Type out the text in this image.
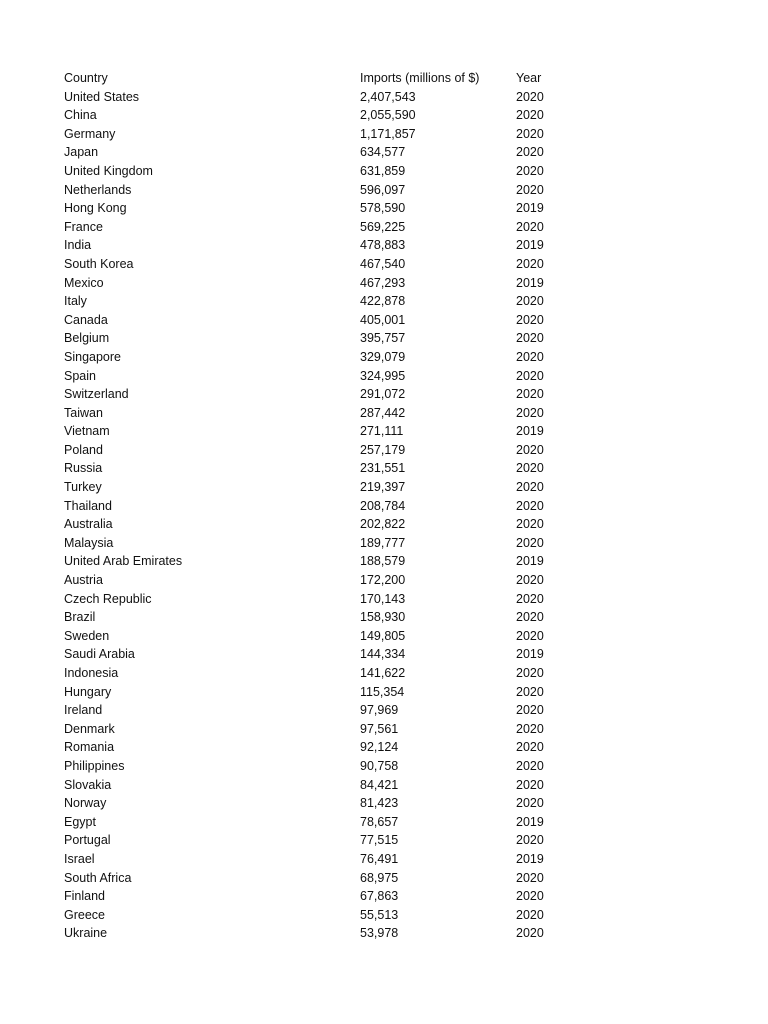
Country	Imports (millions of $)	Year
United States	2,407,543	2020
China	2,055,590	2020
Germany	1,171,857	2020
Japan	634,577	2020
United Kingdom	631,859	2020
Netherlands	596,097	2020
Hong Kong	578,590	2019
France	569,225	2020
India	478,883	2019
South Korea	467,540	2020
Mexico	467,293	2019
Italy	422,878	2020
Canada	405,001	2020
Belgium	395,757	2020
Singapore	329,079	2020
Spain	324,995	2020
Switzerland	291,072	2020
Taiwan	287,442	2020
Vietnam	271,111	2019
Poland	257,179	2020
Russia	231,551	2020
Turkey	219,397	2020
Thailand	208,784	2020
Australia	202,822	2020
Malaysia	189,777	2020
United Arab Emirates	188,579	2019
Austria	172,200	2020
Czech Republic	170,143	2020
Brazil	158,930	2020
Sweden	149,805	2020
Saudi Arabia	144,334	2019
Indonesia	141,622	2020
Hungary	115,354	2020
Ireland	97,969	2020
Denmark	97,561	2020
Romania	92,124	2020
Philippines	90,758	2020
Slovakia	84,421	2020
Norway	81,423	2020
Egypt	78,657	2019
Portugal	77,515	2020
Israel	76,491	2019
South Africa	68,975	2020
Finland	67,863	2020
Greece	55,513	2020
Ukraine	53,978	2020
